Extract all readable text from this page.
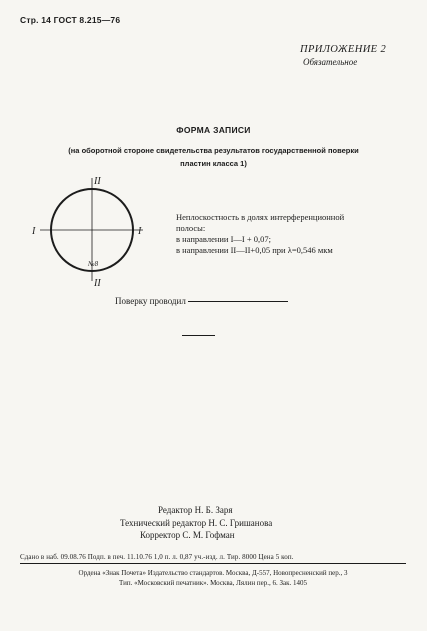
Стр. 14 ГОСТ 8.215—76
ПРИЛОЖЕНИЕ 2
Обязательное
ФОРМА ЗАПИСИ
(на оборотной стороне свидетельства результатов государственной поверки
пластин класса 1)
II
II
I	I
№8
Неплоскостность в долях интерференционной
полосы:
в направлении I—I + 0,07;
в направлении II—II+0,05 при λ=0,546 мкм
Поверку проводил
Редактор Н. Б. Заря
Технический редактор Н. С. Гришанова
Корректор С. М. Гофман
Сдано в наб. 09.08.76 Подп. в печ. 11.10.76 1,0 п. л. 0,87 уч.-изд. л. Тир. 8000 Цена 5 коп.
Ордена «Знак Почета» Издательство стандартов. Москва, Д-557, Новопресненский пер., 3
Тип. «Московский печатник». Москва, Лялин пер., 6. Зак. 1405
